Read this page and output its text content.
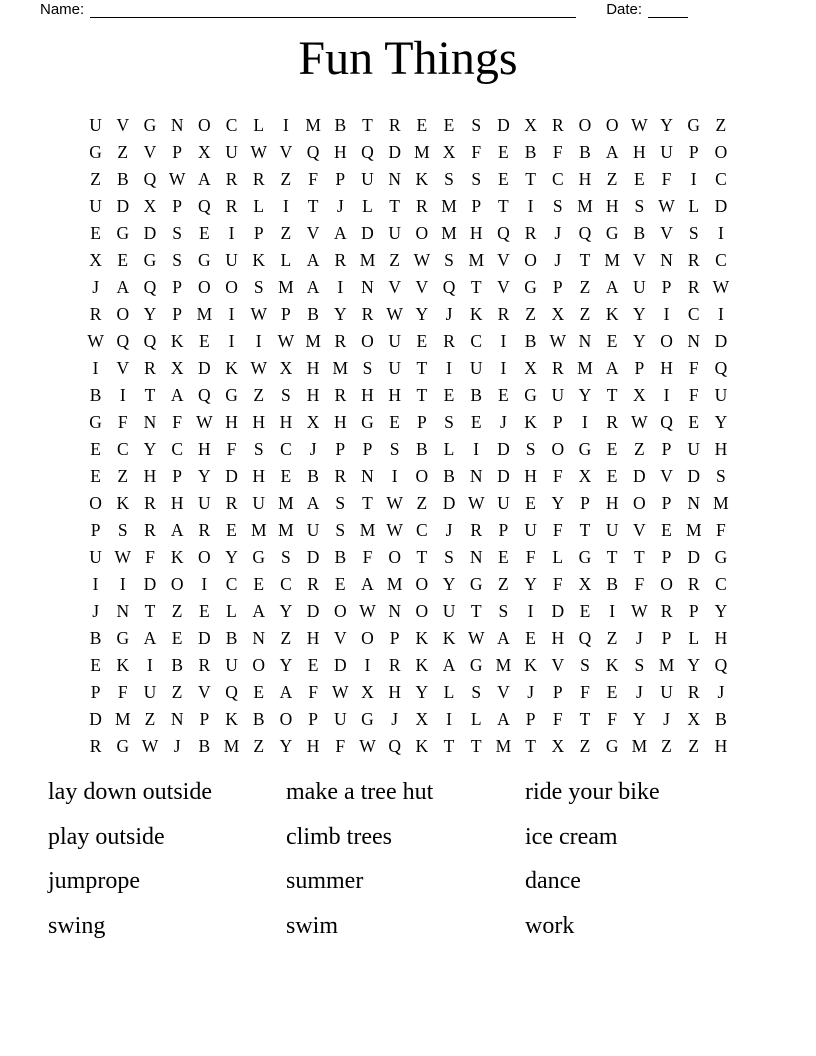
Name:	Date:
Fun Things
U V G N O C L	I M B T R E E S D X R O O W Y G Z
G Z V P X U W V Q H Q D M X F E B F B A H U P O
Z B Q W A R R Z F P U N K S S E T C H Z E F	I	C
U D X P Q R L	I	T	J	L T R M P T	I	S M H S W L D
E G D S E	I	P Z V A D U O M H Q R	J Q G B V S	I
X E G S G U K L A R M Z W S M V O J	T M V N R C
J A Q P O O S M A	I	N V V Q T V G P Z A U P R W
R O Y P M I W P B Y R W Y J K R Z X Z K Y	I	C	I
W Q Q K E	I	I W M R O U E R C	I	B W N E Y O N D
I	V R X D K W X H M S U T	I	U	I	X R M A P H F Q
B	I	T A Q G Z S H R H H T E B E G U Y T X	I	F U
G F N F W H H H X H G E P S E	J K P	I	R W Q E Y
E C Y C H F S C	J	P P S B L	I	D S O G E Z P U H
E Z H P Y D H E B R N	I	O B N D H F X E D V D S
O K R H U R U M A S T W Z D W U E Y P H O P N M
P S R A R E M M U S M W C	J	R P U F T U V E M F
U W F K O Y G S D B F O T S N E F L G T T P D G
I	I	D O	I	C E C R E A M O Y G Z Y F X B F O R C
J N T Z E L A Y D O W N O U T S	I	D E	I W R P Y
B G A E D B N Z H V O P K K W A E H Q Z	J	P L H
E K	I	B R U O Y E D	I	R K A G M K V S K S M Y Q
P F U Z V Q E A F W X H Y L S V J	P F E	J U R	J
D M Z N P K B O P U G J X	I	L A P F T F Y J X B
R G W J	B M Z Y H F W Q K T T M T X Z G M Z Z H
lay down outside
play outside
jumprope
swing
make a tree hut
climb trees
summer
swim
ride your bike
ice cream
dance
work
